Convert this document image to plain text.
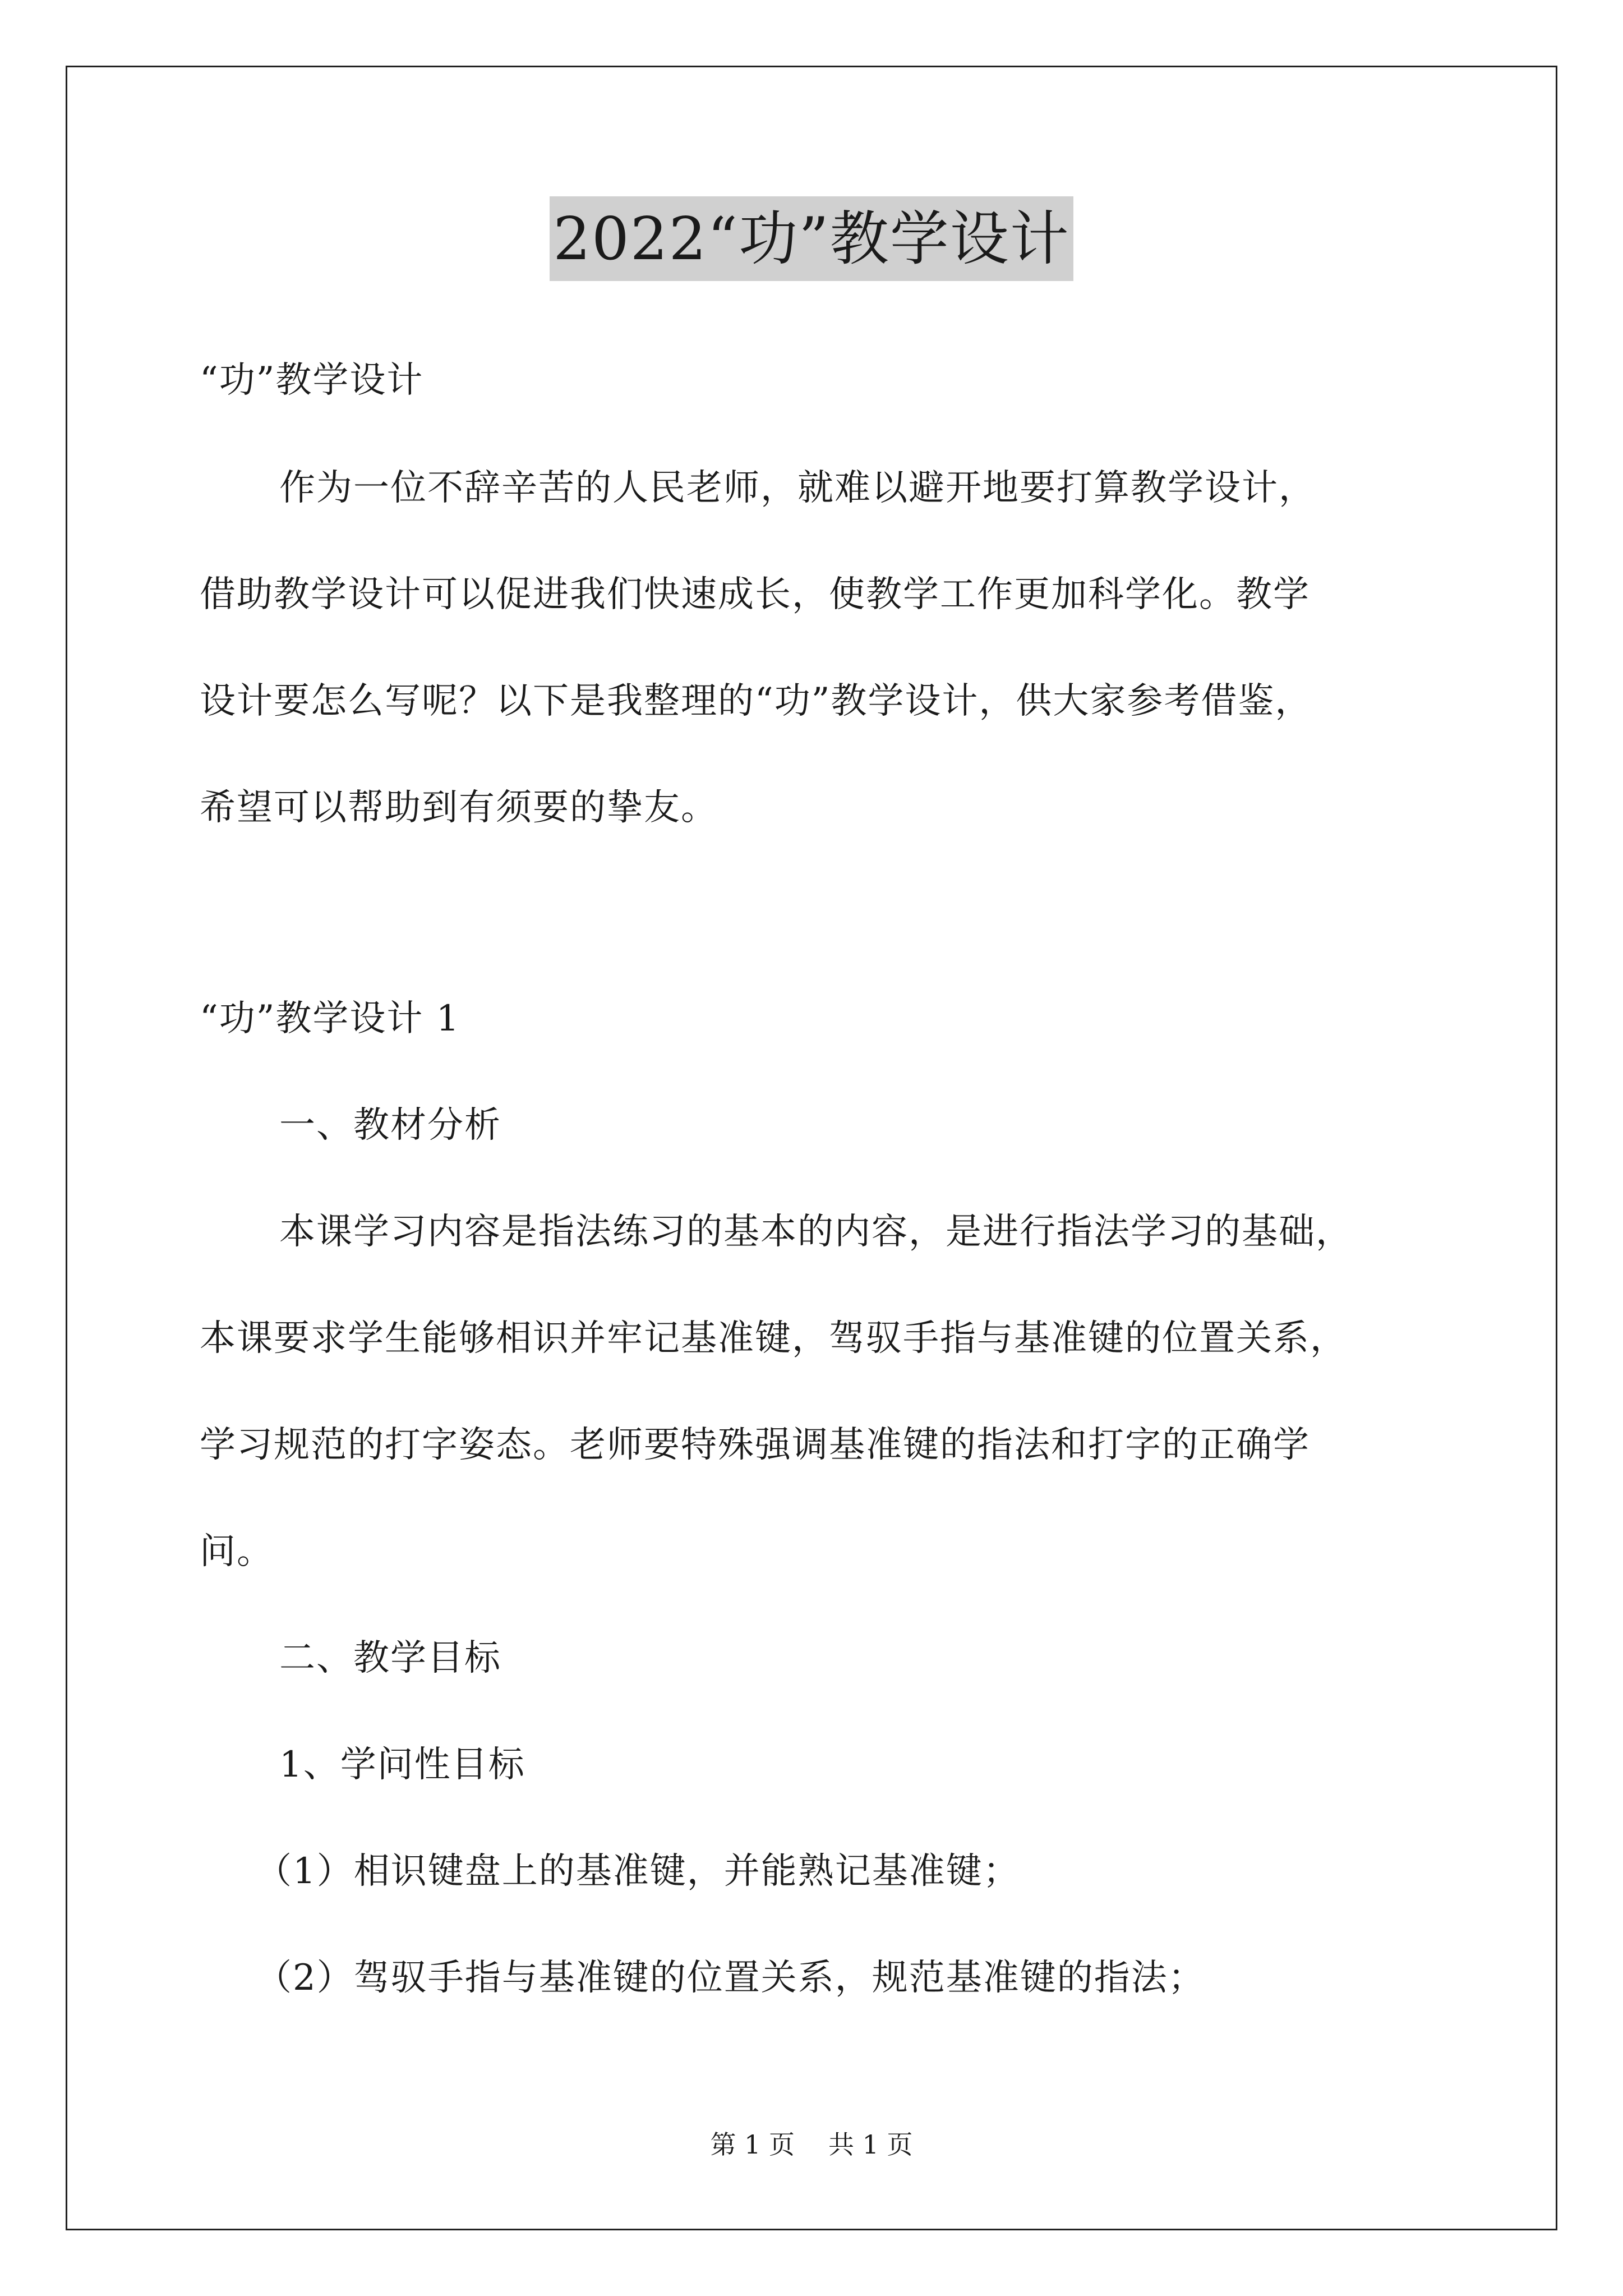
2022“功”教学设计

“功”教学设计

作为一位不辞辛苦的人民老师，就难以避开地要打算教学设计，

借助教学设计可以促进我们快速成长，使教学工作更加科学化。教学

设计要怎么写呢？以下是我整理的“功”教学设计，供大家参考借鉴，

希望可以帮助到有须要的挚友。

“功”教学设计 1

一、教材分析

本课学习内容是指法练习的基本的内容，是进行指法学习的基础，

本课要求学生能够相识并牢记基准键，驾驭手指与基准键的位置关系，

学习规范的打字姿态。老师要特殊强调基准键的指法和打字的正确学

问。

二、教学目标

1、学问性目标

（1）相识键盘上的基准键，并能熟记基准键；

（2）驾驭手指与基准键的位置关系，规范基准键的指法；

第 1 页 共 1 页
